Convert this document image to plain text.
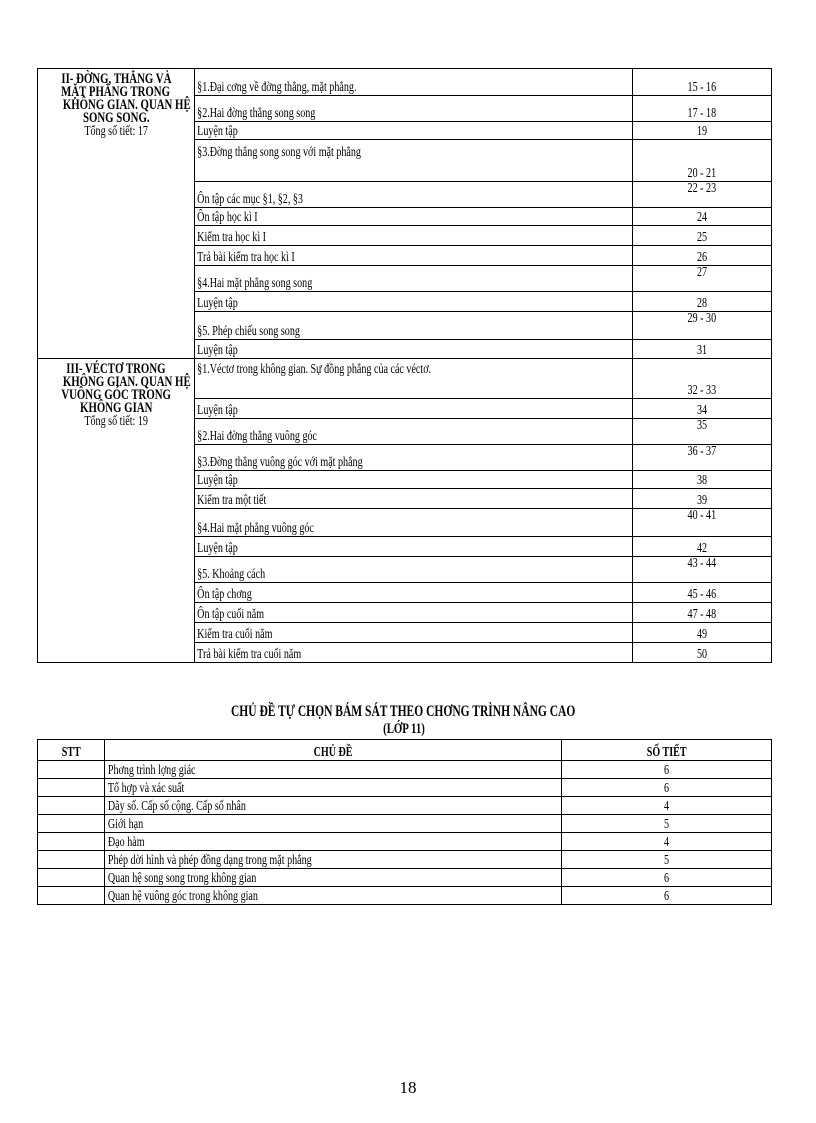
II- ĐỜNG, THẲNG VÀ
MẶT PHẲNG TRONG
KHÔNG GIAN. QUAN HỆ
SONG SONG.
Tổng số tiết: 17	§1.Đại cơng về đờng thẳng, mặt phẳng.	15 - 16
	§2.Hai đờng thẳng song song	17 - 18
	Luyện tập	19
	§3.Đờng thẳng song song với mặt phẳng	20 - 21
	Ôn tập các mục §1, §2, §3	22 - 23
	Ôn tập học kì I	24
	Kiểm tra học kì I	25
	Trả bài kiểm tra học kì I	26
	§4.Hai mặt phẳng song song	27
	Luyện tập	28
	§5. Phép chiếu song song	29 - 30
	Luyện tập	31

III- VÉCTƠ TRONG
KHÔNG GIAN. QUAN HỆ
VUÔNG GÓC TRONG
KHÔNG GIAN
Tổng số tiết: 19	§1.Véctơ trong không gian. Sự đồng phẳng của các véctơ.	32 - 33
	Luyện tập	34
	§2.Hai đờng thẳng vuông góc	35
	§3.Đờng thẳng vuông góc với mặt phẳng	36 - 37
	Luyện tập	38
	Kiểm tra một tiết	39
	§4.Hai mặt phẳng vuông góc	40 - 41
	Luyện tập	42
	§5. Khoảng cách	43 - 44
	Ôn tập chơng	45 - 46
	Ôn tập cuối năm	47 - 48
	Kiểm tra cuối năm	49
	Trả bài kiểm tra cuối năm	50
CHỦ ĐỀ TỰ CHỌN BÁM SÁT THEO CHƠNG TRÌNH NÂNG CAO
(LỚP 11)
STT	CHỦ ĐỀ	SỐ TIẾT
	Phơng trình lợng giác	6
	Tổ hợp và xác suất	6
	Dãy số. Cấp số cộng. Cấp số nhân	4
	Giới hạn	5
	Đạo hàm	4
	Phép dời hình và phép đồng dạng trong mặt phẳng	5
	Quan hệ song song trong không gian	6
	Quan hệ vuông góc trong không gian	6
18
